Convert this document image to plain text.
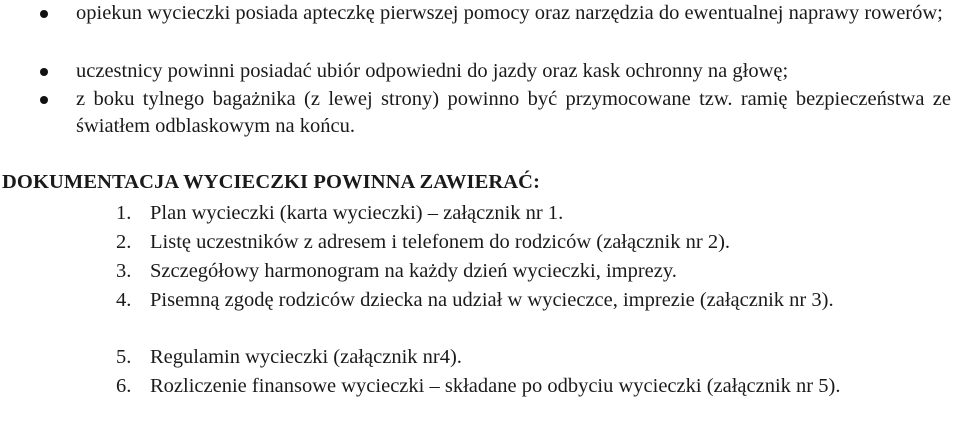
opiekun wycieczki posiada apteczkę pierwszej pomocy oraz narzędzia do ewentualnej naprawy rowerów;
uczestnicy powinni posiadać ubiór odpowiedni do jazdy oraz kask ochronny na głowę;
z boku tylnego bagażnika (z lewej strony) powinno być przymocowane tzw. ramię bezpieczeństwa ze światłem odblaskowym na końcu.
DOKUMENTACJA WYCIECZKI POWINNA ZAWIERAĆ:
1. Plan wycieczki (karta wycieczki) – załącznik nr 1.
2. Listę uczestników z adresem i telefonem do rodziców (załącznik nr 2).
3. Szczegółowy harmonogram na każdy dzień wycieczki, imprezy.
4. Pisemną zgodę rodziców dziecka na udział w wycieczce, imprezie (załącznik nr 3).
5. Regulamin wycieczki (załącznik nr4).
6. Rozliczenie finansowe wycieczki – składane po odbyciu wycieczki (załącznik nr 5).
